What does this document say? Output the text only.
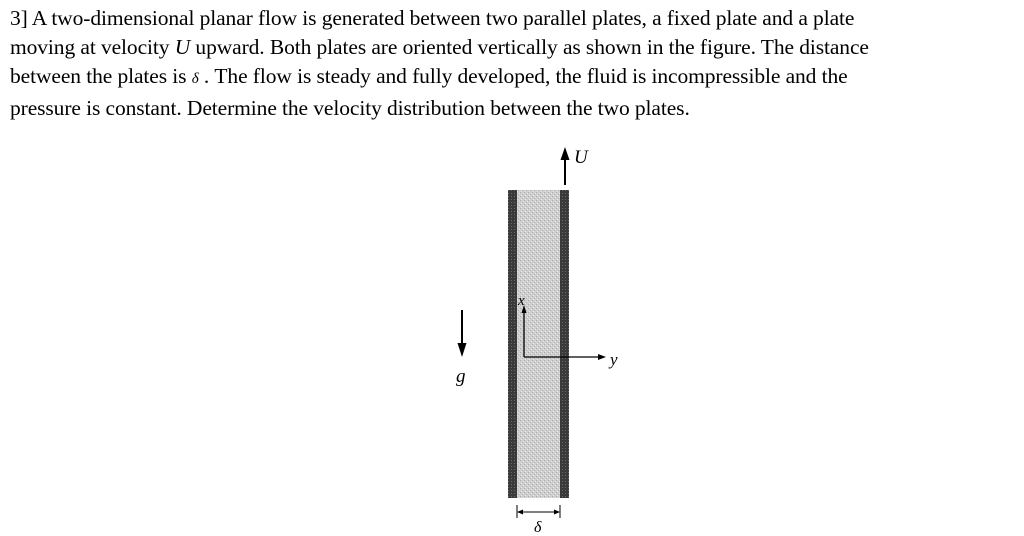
3] A two-dimensional planar flow is generated between two parallel plates, a fixed plate and a plate
moving at velocity U upward. Both plates are oriented vertically as shown in the figure. The distance
between the plates is δ . The flow is steady and fully developed, the fluid is incompressible and the
pressure is constant. Determine the velocity distribution between the two plates.
U
g
x
y
δ
